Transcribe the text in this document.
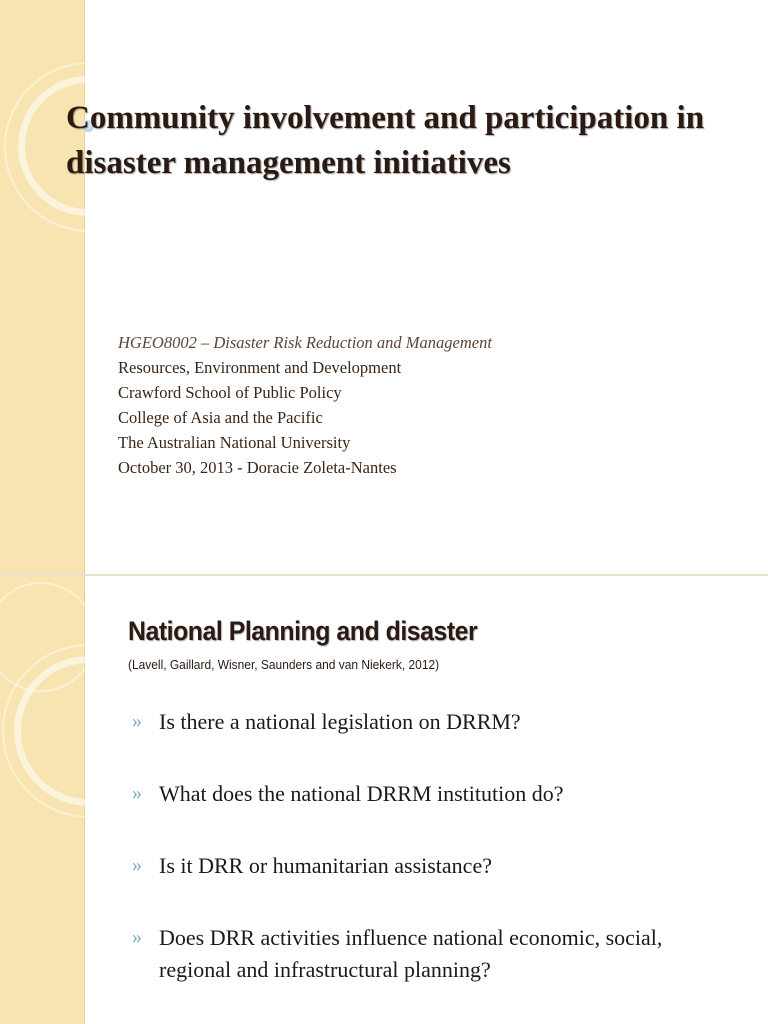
Community involvement and participation in disaster management initiatives
HGEO8002 – Disaster Risk Reduction and Management
Resources, Environment and Development
Crawford School of Public Policy
College of Asia and the Pacific
The Australian National University
October 30, 2013 - Doracie Zoleta-Nantes
National Planning and disaster
(Lavell, Gaillard, Wisner, Saunders and van Niekerk, 2012)
» Is there a national legislation on DRRM?
» What does the national DRRM institution do?
» Is it DRR or humanitarian assistance?
» Does DRR activities influence national economic, social, regional and infrastructural planning?
